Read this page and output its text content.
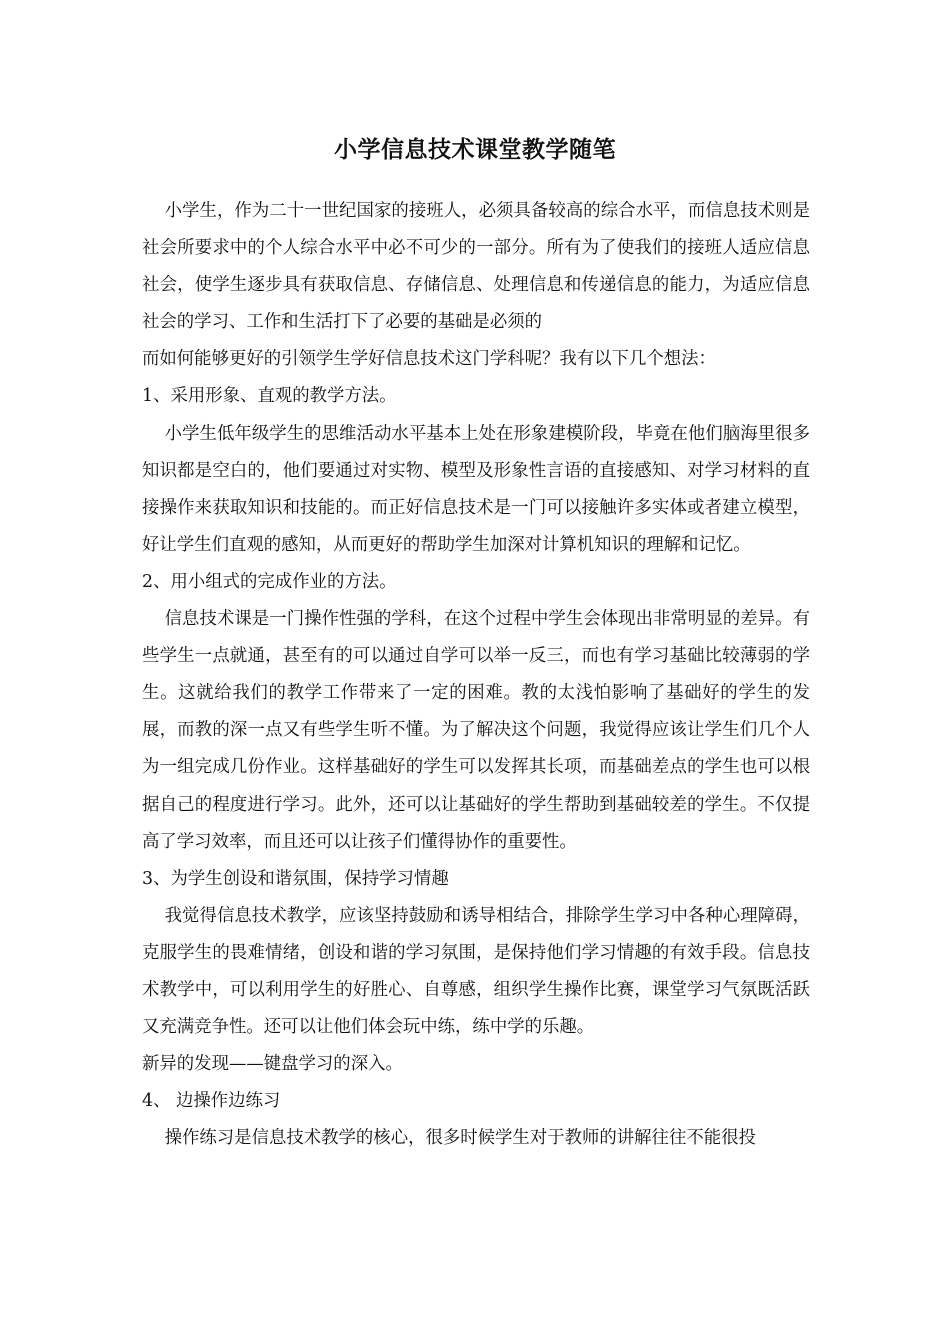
小学信息技术课堂教学随笔

小学生，作为二十一世纪国家的接班人，必须具备较高的综合水平，而信息技术则是社会所要求中的个人综合水平中必不可少的一部分。所有为了使我们的接班人适应信息社会，使学生逐步具有获取信息、存储信息、处理信息和传递信息的能力，为适应信息社会的学习、工作和生活打下了必要的基础是必须的

而如何能够更好的引领学生学好信息技术这门学科呢？我有以下几个想法：

1、采用形象、直观的教学方法。

小学生低年级学生的思维活动水平基本上处在形象建模阶段，毕竟在他们脑海里很多知识都是空白的，他们要通过对实物、模型及形象性言语的直接感知、对学习材料的直接操作来获取知识和技能的。而正好信息技术是一门可以接触许多实体或者建立模型，好让学生们直观的感知，从而更好的帮助学生加深对计算机知识的理解和记忆。

2、用小组式的完成作业的方法。

信息技术课是一门操作性强的学科，在这个过程中学生会体现出非常明显的差异。有些学生一点就通，甚至有的可以通过自学可以举一反三，而也有学习基础比较薄弱的学生。这就给我们的教学工作带来了一定的困难。教的太浅怕影响了基础好的学生的发展，而教的深一点又有些学生听不懂。为了解决这个问题，我觉得应该让学生们几个人为一组完成几份作业。这样基础好的学生可以发挥其长项，而基础差点的学生也可以根据自己的程度进行学习。此外，还可以让基础好的学生帮助到基础较差的学生。不仅提高了学习效率，而且还可以让孩子们懂得协作的重要性。

3、为学生创设和谐氛围，保持学习情趣

我觉得信息技术教学，应该坚持鼓励和诱导相结合，排除学生学习中各种心理障碍，克服学生的畏难情绪，创设和谐的学习氛围，是保持他们学习情趣的有效手段。信息技术教学中，可以利用学生的好胜心、自尊感，组织学生操作比赛，课堂学习气氛既活跃又充满竞争性。还可以让他们体会玩中练，练中学的乐趣。

新异的发现——键盘学习的深入。

4、 边操作边练习

操作练习是信息技术教学的核心，很多时候学生对于教师的讲解往往不能很投
